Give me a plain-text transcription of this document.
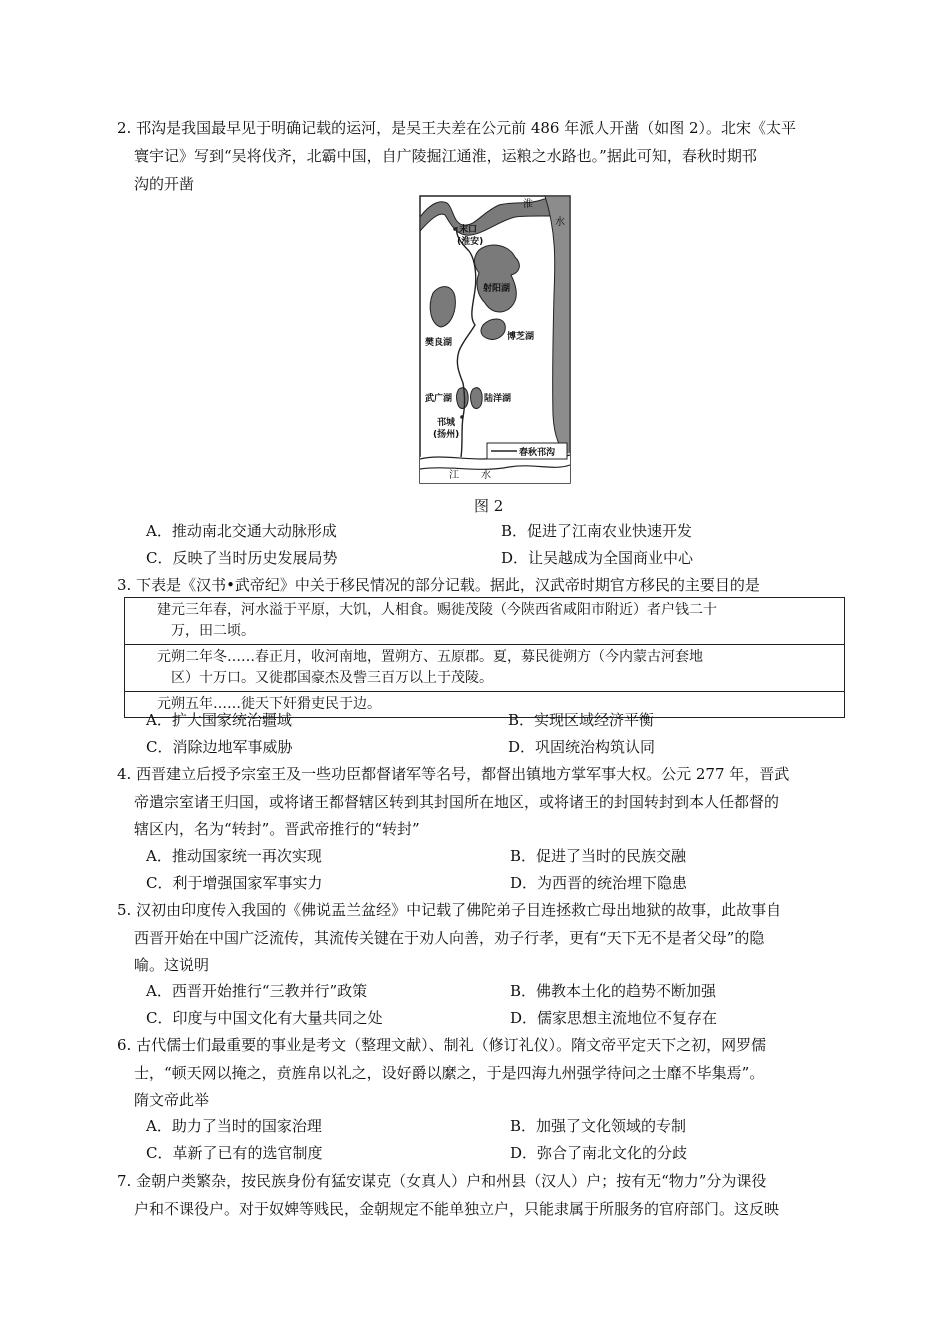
2. 邗沟是我国最早见于明确记载的运河，是吴王夫差在公元前 486 年派人开凿（如图 2）。北宋《太平
寰宇记》写到“吴将伐齐，北霸中国，自广陵掘江通淮，运粮之水路也。”据此可知，春秋时期邗
沟的开凿
淮
水
末口
(淮安)
射阳湖
樊良湖
博芝湖
武广湖	陆洋湖
邗城
(扬州)
春秋邗沟
江 水
图 2
A．推动南北交通大动脉形成	B．促进了江南农业快速开发
C．反映了当时历史发展局势	D．让吴越成为全国商业中心
3. 下表是《汉书•武帝纪》中关于移民情况的部分记载。据此，汉武帝时期官方移民的主要目的是
建元三年春，河水溢于平原，大饥，人相食。赐徙茂陵（今陕西省咸阳市附近）者户钱二十
万，田二顷。

元朔二年冬……春正月，收河南地，置朔方、五原郡。夏，募民徙朔方（今内蒙古河套地
区）十万口。又徙郡国豪杰及訾三百万以上于茂陵。

元朔五年……徙天下奸猾吏民于边。
A．扩大国家统治疆域	B．实现区域经济平衡
C．消除边地军事威胁	D．巩固统治构筑认同
4. 西晋建立后授予宗室王及一些功臣都督诸军等名号，都督出镇地方掌军事大权。公元 277 年，晋武
帝遣宗室诸王归国，或将诸王都督辖区转到其封国所在地区，或将诸王的封国转封到本人任都督的
辖区内，名为“转封”。晋武帝推行的“转封”
A．推动国家统一再次实现	B．促进了当时的民族交融
C．利于增强国家军事实力	D．为西晋的统治埋下隐患
5. 汉初由印度传入我国的《佛说盂兰盆经》中记载了佛陀弟子目连拯救亡母出地狱的故事，此故事自
西晋开始在中国广泛流传，其流传关键在于劝人向善，劝子行孝，更有“天下无不是者父母”的隐
喻。这说明
A．西晋开始推行“三教并行”政策	B．佛教本土化的趋势不断加强
C．印度与中国文化有大量共同之处	D．儒家思想主流地位不复存在
6. 古代儒士们最重要的事业是考文（整理文献）、制礼（修订礼仪）。隋文帝平定天下之初，网罗儒
士，“顿天网以掩之，贲旌帛以礼之，设好爵以縻之，于是四海九州强学待问之士靡不毕集焉”。
隋文帝此举
A．助力了当时的国家治理	B．加强了文化领域的专制
C．革新了已有的选官制度	D．弥合了南北文化的分歧
7. 金朝户类繁杂，按民族身份有猛安谋克（女真人）户和州县（汉人）户；按有无“物力”分为课役
户和不课役户。对于奴婢等贱民，金朝规定不能单独立户，只能隶属于所服务的官府部门。这反映
